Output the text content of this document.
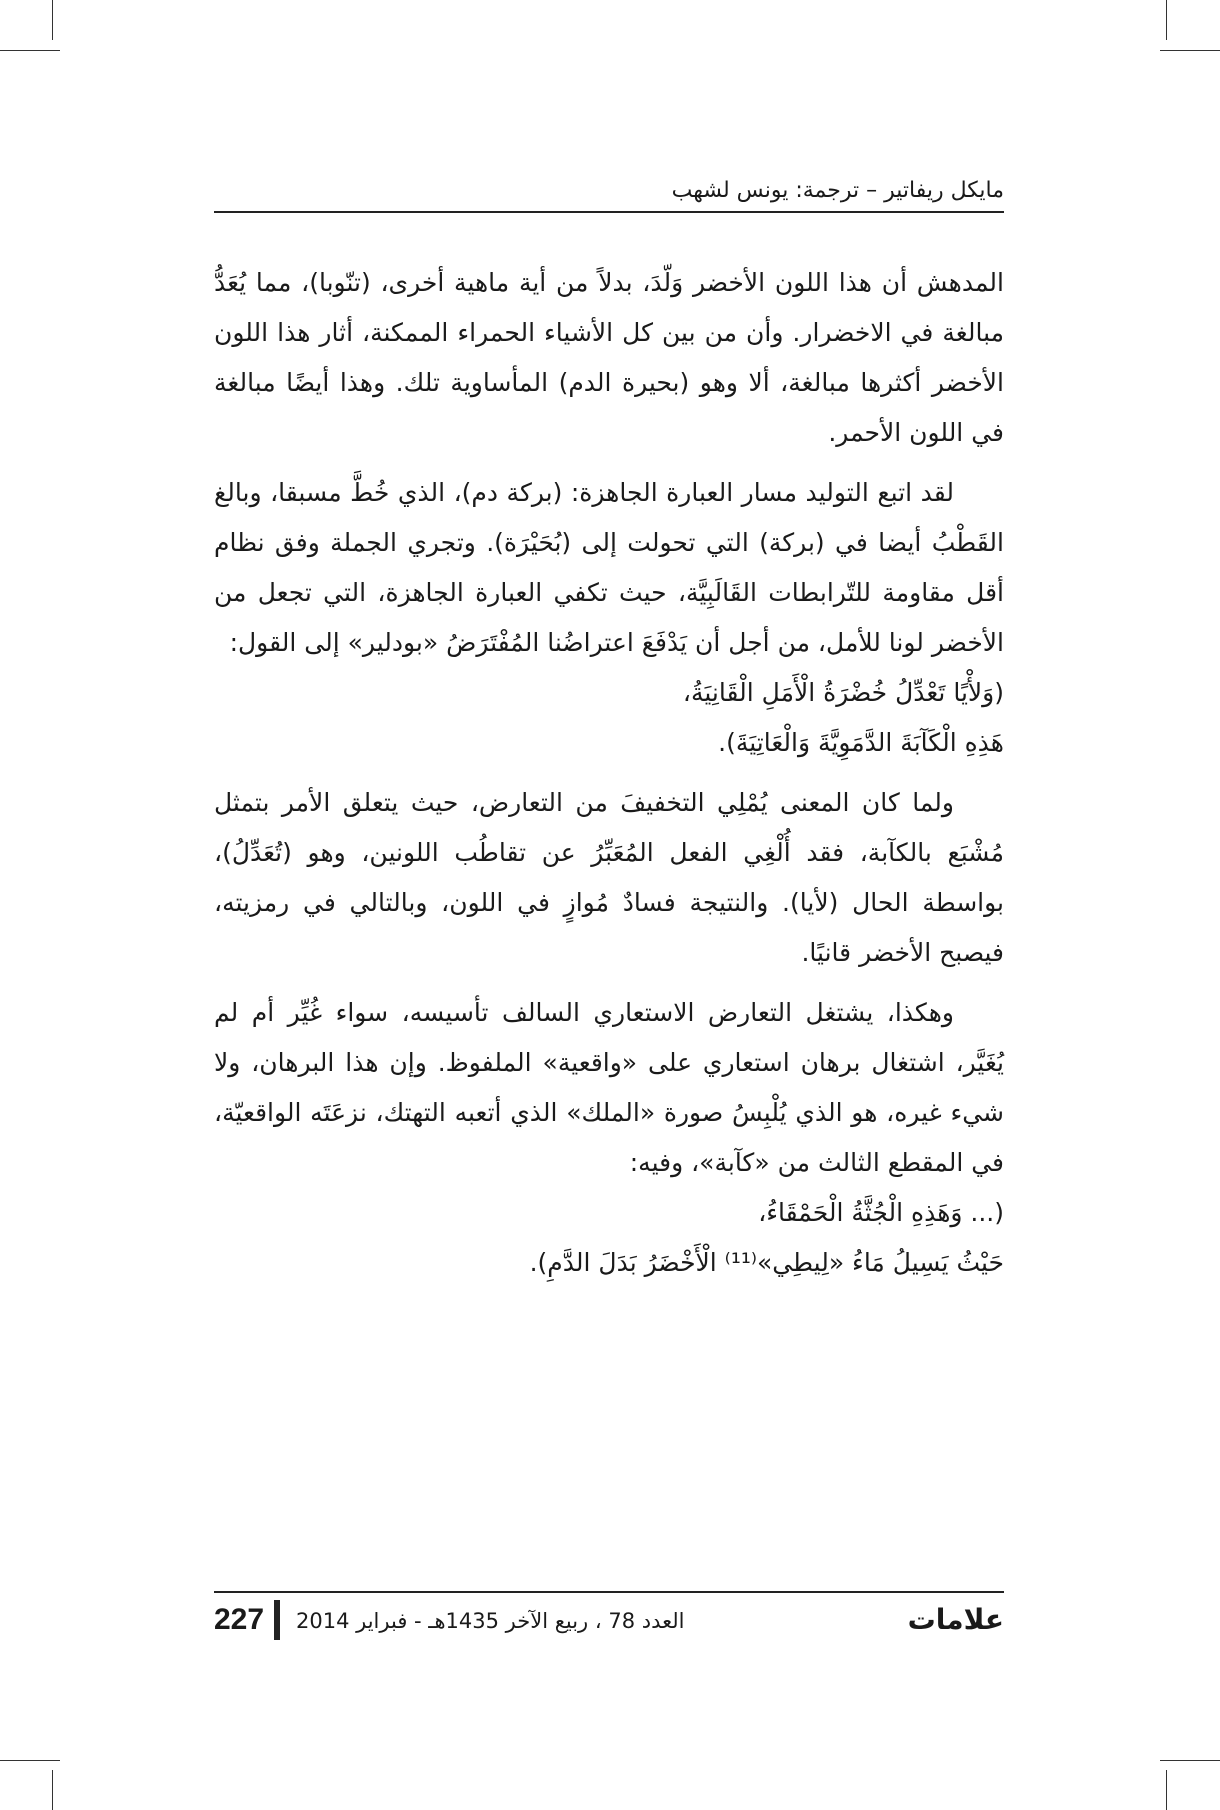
مايكل ريفاتير – ترجمة: يونس لشهب

المدهش أن هذا اللون الأخضر وَلّدَ، بدلاً من أية ماهية أخرى، (تنّوبا)، مما يُعَدُّ مبالغة في الاخضرار. وأن من بين كل الأشياء الحمراء الممكنة، أثار هذا اللون الأخضر أكثرها مبالغة، ألا وهو (بحيرة الدم) المأساوية تلك. وهذا أيضًا مبالغة في اللون الأحمر.

لقد اتبع التوليد مسار العبارة الجاهزة: (بركة دم)، الذي خُطَّ مسبقا، وبالغ القَطْبُ أيضا في (بركة) التي تحولت إلى (بُحَيْرَة). وتجري الجملة وفق نظام أقل مقاومة للتّرابطات القَالَبِيَّة، حيث تكفي العبارة الجاهزة، التي تجعل من الأخضر لونا للأمل، من أجل أن يَدْفَعَ اعتراضُنا المُفْتَرَضُ «بودلير» إلى القول:

(وَلأْيًا تَعْدِّلُ خُضْرَةُ الْأَمَلِ الْقَانِيَةُ،

هَذِهِ الْكَآبَةَ الدَّمَوِيَّةَ وَالْعَاتِيَةَ).

ولما كان المعنى يُمْلِي التخفيفَ من التعارض، حيث يتعلق الأمر بتمثل مُشْبَع بالكآبة، فقد أُلْغِي الفعل المُعَبِّرُ عن تقاطُب اللونين، وهو (تُعَدِّلُ)، بواسطة الحال (لأيا). والنتيجة فسادٌ مُوازٍ في اللون، وبالتالي في رمزيته، فيصبح الأخضر قانيًا.

وهكذا، يشتغل التعارض الاستعاري السالف تأسيسه، سواء غُيِّر أم لم يُغَيَّر، اشتغال برهان استعاري على «واقعية» الملفوظ. وإن هذا البرهان، ولا شيء غيره، هو الذي يُلْبِسُ صورة «الملك» الذي أتعبه التهتك، نزعَتَه الواقعيّة، في المقطع الثالث من «كآبة»، وفيه:

(... وَهَذِهِ الْجُثَّةُ الْحَمْقَاءُ،

حَيْثُ يَسِيلُ مَاءُ «لِيطِي»⁽¹¹⁾ الْأَخْضَرُ بَدَلَ الدَّمِ).

227 العدد 78 ، ربيع الآخر 1435هـ - فبراير 2014	علامات
